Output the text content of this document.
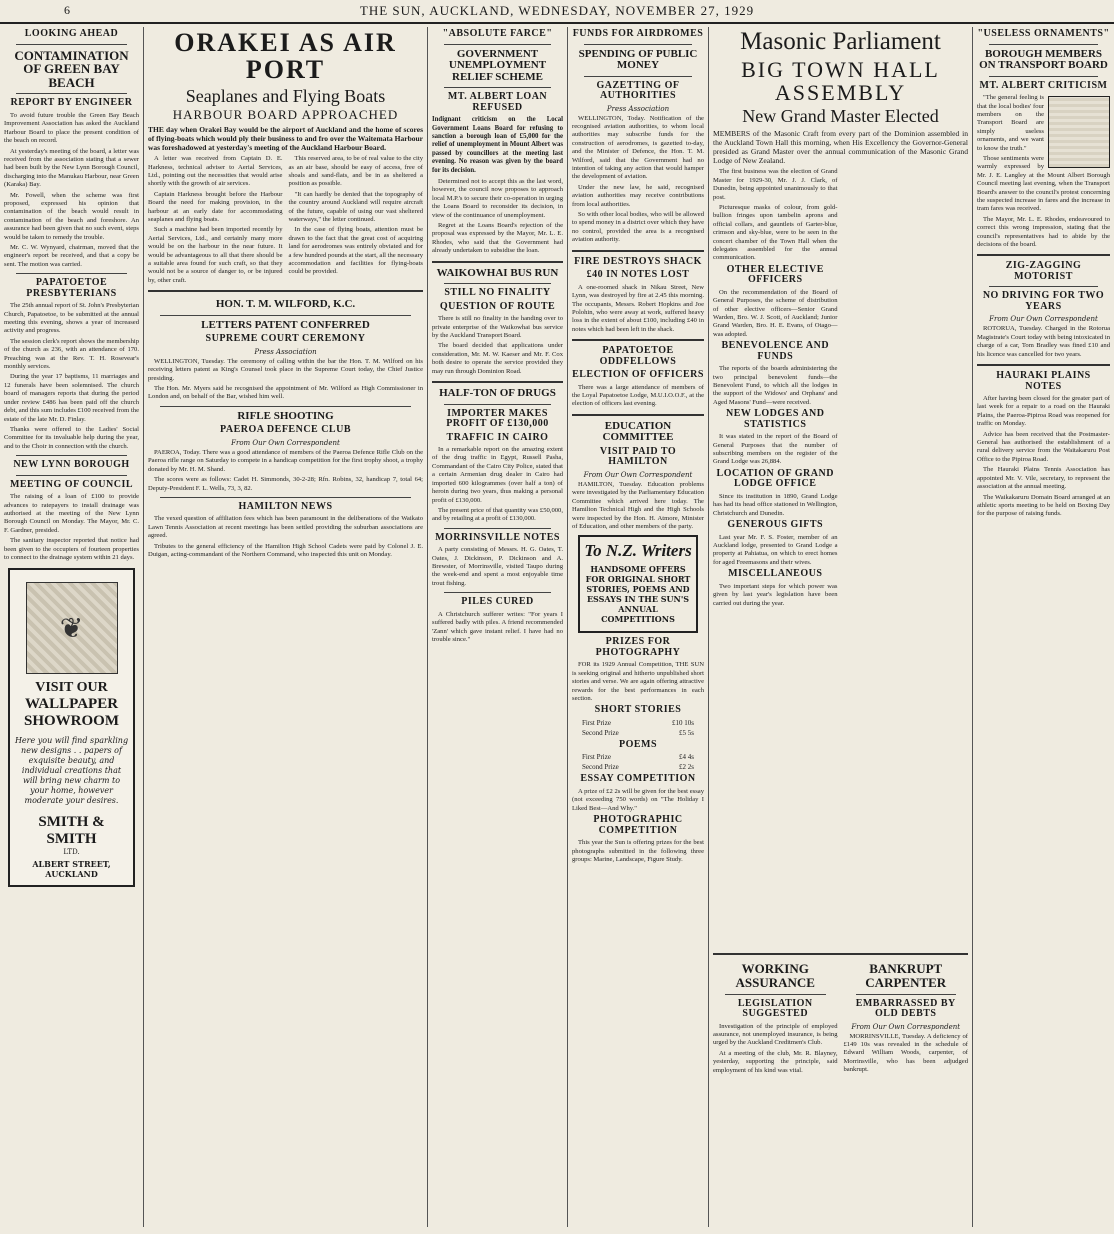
6	THE SUN, AUCKLAND, WEDNESDAY, NOVEMBER 27, 1929
LOOKING AHEAD
CONTAMINATION OF GREEN BAY BEACH
REPORT BY ENGINEER

To avoid future trouble the Green Bay Beach Improvement Association has asked the Auckland Harbour Board to place the present condition of the beach on record.

At yesterday's meeting of the board, a letter was received from the association stating that a sewer had been built by the New Lynn Borough Council, discharging into the Manukau Harbour, near Green (Karaka) Bay.

Mr. Fowell, when the scheme was first proposed, expressed his opinion that contamination of the beach would result in contamination of the beach and foreshore. An assurance had been given that no such event, steps would be taken to remedy the trouble.

Mr. C. W. Wynyard, chairman, moved that the engineer's report be received, and that a copy be sent. The motion was carried.

PAPATOETOE PRESBYTERIANS

The 25th annual report of St. John's Presbyterian Church, Papatoetoe, to be submitted at the annual meeting this evening, shows a year of increased activity and progress.

The session clerk's report shows the membership of the church as 236, with an attendance of 170. Preaching was at the Rev. T. H. Rosevear's monthly services.

During the year 17 baptisms, 11 marriages and 12 funerals have been solemnised. The church board of managers reports that during the period under review £486 has been paid off the church debt, and this sum includes £100 received from the estate of the late Mr. D. Finlay.

Thanks were offered to the Ladies' Social Committee for its invaluable help during the year, and to the Choir in connection with the church.

NEW LYNN BOROUGH
MEETING OF COUNCIL

The raising of a loan of £100 to provide advances to ratepayers to install drainage was authorised at the meeting of the New Lynn Borough Council on Monday. The Mayor, Mr. C. F. Gardner, presided.

The sanitary inspector reported that notice had been given to the occupiers of fourteen properties to connect to the drainage system within 21 days.

❦
VISIT OUR
WALLPAPER SHOWROOM
Here you will find sparkling new designs . . papers of exquisite beauty, and individual creations that will bring new charm to your home, however moderate your desires.
SMITH & SMITH
LTD.
ALBERT STREET, AUCKLAND
ORAKEI AS AIR PORT
Seaplanes and Flying Boats
HARBOUR BOARD APPROACHED

THE day when Orakei Bay would be the airport of Auckland and the home of scores of flying-boats which would ply their business to and fro over the Waitemata Harbour was foreshadowed at yesterday's meeting of the Auckland Harbour Board.

A letter was received from Captain D. E. Harkness, technical adviser to Aerial Services, Ltd., pointing out the necessities that would arise shortly with the growth of air services.

Captain Harkness brought before the Harbour Board the need for making provision, in the harbour at an early date for accommodating seaplanes and flying boats.

Such a machine had been imported recently by Aerial Services, Ltd., and certainly many more would be on the harbour in the near future. It would be advantageous to all that there should be a suitable area found for such craft, so that they would not be a source of danger to, or be injured by, other craft.

This reserved area, to be of real value to the city as an air base, should be easy of access, free of shoals and sand-flats, and be in as sheltered a position as possible.

"It can hardly be denied that the topography of the country around Auckland will require aircraft of the future, capable of using our vast sheltered waterways," the letter continued.

In the case of flying boats, attention must be drawn to the fact that the great cost of acquiring land for aerodromes was entirely obviated and for a few hundred pounds at the start, all the necessary accommodation and facilities for flying-boats could be provided.

HON. T. M. WILFORD, K.C.
LETTERS PATENT CONFERRED
SUPREME COURT CEREMONY
Press Association

WELLINGTON, Tuesday. The ceremony of calling within the bar the Hon. T. M. Wilford on his receiving letters patent as King's Counsel took place in the Supreme Court today, the Chief Justice presiding.

The Hon. Mr. Myers said he recognised the appointment of Mr. Wilford as High Commissioner in London and, on behalf of the Bar, wished him well.

RIFLE SHOOTING
PAEROA DEFENCE CLUB
From Our Own Correspondent

PAEROA, Today. There was a good attendance of members of the Paeroa Defence Rifle Club on the Paeroa rifle range on Saturday to compete in a handicap competition for the first trophy shoot, a trophy donated by Mr. H. M. Shand.

The scores were as follows: Cadet H. Simmonds, 30-2-28; Rfn. Robins, 32, handicap 7, total 64; Deputy-President F. L. Wells, 73, 3, 82.

HAMILTON NEWS

The vexed question of affiliation fees which has been paramount in the deliberations of the Waikato Lawn Tennis Association at recent meetings has been settled providing the suburban associations are agreed.

Tributes to the general efficiency of the Hamilton High School Cadets were paid by Colonel J. E. Duigan, acting-commandant of the Northern Command, who inspected this unit on Monday.

"ABSOLUTE FARCE"
GOVERNMENT UNEMPLOYMENT RELIEF SCHEME
MT. ALBERT LOAN REFUSED

Indignant criticism on the Local Government Loans Board for refusing to sanction a borough loan of £5,000 for the relief of unemployment in Mount Albert was passed by councillors at the meeting last evening. No reason was given by the board for its decision.

Determined not to accept this as the last word, however, the council now proposes to approach local M.P.'s to secure their co-operation in urging the Loans Board to reconsider its decision, in view of the continuance of unemployment.

Regret at the Loans Board's rejection of the proposal was expressed by the Mayor, Mr. L. E. Rhodes, who said that the Government had already undertaken to subsidise the loan.

WAIKOWHAI BUS RUN
STILL NO FINALITY
QUESTION OF ROUTE

There is still no finality in the handing over to private enterprise of the Waikowhai bus service by the Auckland Transport Board.

The board decided that applications under consideration, Mr. M. W. Kaeser and Mr. F. Cox both desire to operate the service provided they may run through Dominion Road.

HALF-TON OF DRUGS
IMPORTER MAKES PROFIT OF £130,000
TRAFFIC IN CAIRO

In a remarkable report on the amazing extent of the drug traffic in Egypt, Russell Pasha, Commandant of the Cairo City Police, stated that a certain Armenian drug dealer in Cairo had imported 600 kilogrammes (over half a ton) of heroin during two years, thus making a personal profit of £130,000.

The present price of that quantity was £50,000, and by retailing at a profit of £130,000.

MORRINSVILLE NOTES

A party consisting of Messrs. H. G. Oates, T. Oates, J. Dickinson, P. Dickinson and A. Brewster, of Morrinsville, visited Taupo during the week-end and spent a most enjoyable time trout fishing.

PILES CURED

A Christchurch sufferer writes: "For years I suffered badly with piles. A friend recommended 'Zann' which gave instant relief. I have had no trouble since."

FUNDS FOR AIRDROMES
SPENDING OF PUBLIC MONEY
GAZETTING OF AUTHORITIES
Press Association

WELLINGTON, Today. Notification of the recognised aviation authorities, to whom local authorities may subscribe funds for the construction of aerodromes, is gazetted to-day, and the Minister of Defence, the Hon. T. M. Wilford, said that the Government had no intention of taking any action that would hamper the development of aviation.

Under the new law, he said, recognised aviation authorities may receive contributions from local authorities.

So with other local bodies, who will be allowed to spend money in a district over which they have no control, provided the area is a recognised aviation authority.

FIRE DESTROYS SHACK
£40 IN NOTES LOST

A one-roomed shack in Nikau Street, New Lynn, was destroyed by fire at 2.45 this morning. The occupants, Messrs. Robert Hopkins and Joe Polohin, who were away at work, suffered heavy loss in the extent of about £100, including £40 in notes which had been left in the shack.

PAPATOETOE ODDFELLOWS
ELECTION OF OFFICERS

There was a large attendance of members of the Loyal Papatoetoe Lodge, M.U.I.O.O.F., at the election of officers last evening.

EDUCATION COMMITTEE
VISIT PAID TO HAMILTON
From Our Own Correspondent

HAMILTON, Tuesday. Education problems were investigated by the Parliamentary Education Committee which arrived here today. The Hamilton Technical High and the High Schools were inspected by the Hon. H. Atmore, Minister of Education, and other members of the party.

To N.Z. Writers
HANDSOME OFFERS FOR ORIGINAL SHORT STORIES, POEMS AND ESSAYS IN THE SUN'S ANNUAL COMPETITIONS
PRIZES FOR PHOTOGRAPHY

FOR its 1929 Annual Competition, THE SUN is seeking original and hitherto unpublished short stories and verse. We are again offering attractive rewards for the best performances in each section.

SHORT STORIES
First Prize	£10 10s
Second Prize	£5 5s
POEMS
First Prize	£4 4s
Second Prize	£2 2s
ESSAY COMPETITION

A prize of £2 2s will be given for the best essay (not exceeding 750 words) on "The Holiday I Liked Best—And Why."

PHOTOGRAPHIC COMPETITION

This year the Sun is offering prizes for the best photographs submitted in the following three groups: Marine, Landscape, Figure Study.

Masonic Parliament
BIG TOWN HALL ASSEMBLY
New Grand Master Elected

MEMBERS of the Masonic Craft from every part of the Dominion assembled in the Auckland Town Hall this morning, when His Excellency the Governor-General presided as Grand Master over the annual communication of the Masonic Grand Lodge of New Zealand.

The first business was the election of Grand Master for 1929-30, Mr. J. J. Clark, of Dunedin, being appointed unanimously to that post.

Picturesque masks of colour, from gold-bullion fringes upon tambelin aprons and official collars, and gauntlets of Garter-blue, crimson and sky-blue, were to be seen in the concert chamber of the Town Hall when the delegates assembled for the annual communication.

OTHER ELECTIVE OFFICERS

On the recommendation of the Board of General Purposes, the scheme of distribution of other elective officers—Senior Grand Warden, Bro. W. J. Scott, of Auckland; Junior Grand Warden, Bro. H. E. Evans, of Otago—was adopted.

BENEVOLENCE AND FUNDS

The reports of the boards administering the two principal benevolent funds—the Benevolent Fund, to which all the lodges in the support of the Widows' and Orphans' and Aged Masons' Fund—were received.

NEW LODGES AND STATISTICS

It was stated in the report of the Board of General Purposes that the number of subscribing members on the register of the Grand Lodge was 26,884.

LOCATION OF GRAND LODGE OFFICE

Since its institution in 1890, Grand Lodge has had its head office stationed in Wellington, Christchurch and Dunedin.

GENEROUS GIFTS

Last year Mr. F. S. Foster, member of an Auckland lodge, presented to Grand Lodge a property at Pahiatua, on which to erect homes for aged Freemasons and their wives.

MISCELLANEOUS

Two important steps for which power was given by last year's legislation have been carried out during the year.

WORKING ASSURANCE
LEGISLATION SUGGESTED

Investigation of the principle of employed assurance, not unemployed insurance, is being urged by the Auckland Creditmen's Club.

At a meeting of the club, Mr. R. Blayney, yesterday, supporting the principle, said employment of his kind was vital.

BANKRUPT CARPENTER
EMBARRASSED BY OLD DEBTS
From Our Own Correspondent

MORRINSVILLE, Tuesday. A deficiency of £149 10s was revealed in the schedule of Edward William Woods, carpenter, of Morrinsville, who has been adjudged bankrupt.

"USELESS ORNAMENTS"
BOROUGH MEMBERS ON TRANSPORT BOARD
MT. ALBERT CRITICISM

"The general feeling is that the local bodies' four members on the Transport Board are simply useless ornaments, and we want to know the truth."

Those sentiments were warmly expressed by Mr. J. E. Langley at the Mount Albert Borough Council meeting last evening, when the Transport Board's answer to the council's protest concerning the suspected increase in fares and the increase in tram fares was received.

The Mayor, Mr. L. E. Rhodes, endeavoured to correct this wrong impression, stating that the council's representatives had to abide by the decisions of the board.

ZIG-ZAGGING MOTORIST
NO DRIVING FOR TWO YEARS
From Our Own Correspondent

ROTORUA, Tuesday. Charged in the Rotorua Magistrate's Court today with being intoxicated in charge of a car, Tom Bradley was fined £10 and his licence was cancelled for two years.

HAURAKI PLAINS NOTES

After having been closed for the greater part of last week for a repair to a road on the Hauraki Plains, the Paeroa-Pipiroa Road was reopened for traffic on Monday.

Advice has been received that the Postmaster-General has authorised the establishment of a rural delivery service from the Waitakaruru Post Office to the Pipiroa Road.

The Hauraki Plains Tennis Association has appointed Mr. V. Vile, secretary, to represent the association at the annual meeting.

The Waikakaruru Domain Board arranged at an athletic sports meeting to be held on Boxing Day for the purpose of raising funds.
